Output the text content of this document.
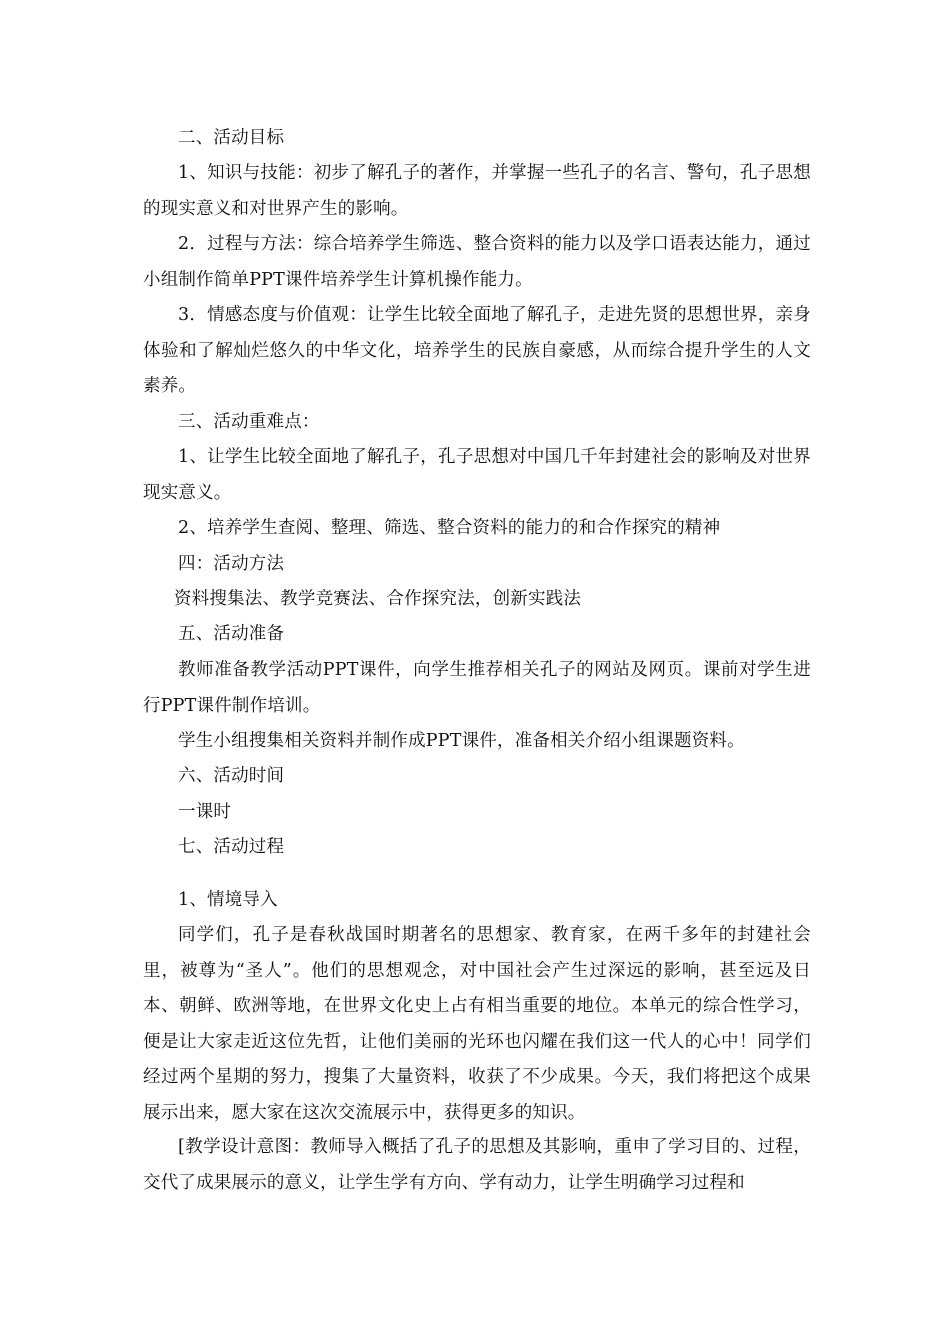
二、活动目标

1、知识与技能：初步了解孔子的著作，并掌握一些孔子的名言、警句，孔子思想的现实意义和对世界产生的影响。

2．过程与方法：综合培养学生筛选、整合资料的能力以及学口语表达能力，通过小组制作简单PPT课件培养学生计算机操作能力。

3．情感态度与价值观：让学生比较全面地了解孔子，走进先贤的思想世界，亲身体验和了解灿烂悠久的中华文化，培养学生的民族自豪感，从而综合提升学生的人文素养。

三、活动重难点：

1、让学生比较全面地了解孔子，孔子思想对中国几千年封建社会的影响及对世界现实意义。

2、培养学生查阅、整理、筛选、整合资料的能力的和合作探究的精神

四：活动方法

资料搜集法、教学竞赛法、合作探究法，创新实践法

五、活动准备

教师准备教学活动PPT课件，向学生推荐相关孔子的网站及网页。课前对学生进行PPT课件制作培训。

学生小组搜集相关资料并制作成PPT课件，准备相关介绍小组课题资料。

六、活动时间

一课时

七、活动过程

1、情境导入

同学们，孔子是春秋战国时期著名的思想家、教育家，在两千多年的封建社会里，被尊为“圣人”。他们的思想观念，对中国社会产生过深远的影响，甚至远及日本、朝鲜、欧洲等地，在世界文化史上占有相当重要的地位。本单元的综合性学习，便是让大家走近这位先哲，让他们美丽的光环也闪耀在我们这一代人的心中！同学们经过两个星期的努力，搜集了大量资料，收获了不少成果。今天，我们将把这个成果展示出来，愿大家在这次交流展示中，获得更多的知识。

[教学设计意图：教师导入概括了孔子的思想及其影响，重申了学习目的、过程，交代了成果展示的意义，让学生学有方向、学有动力，让学生明确学习过程和
